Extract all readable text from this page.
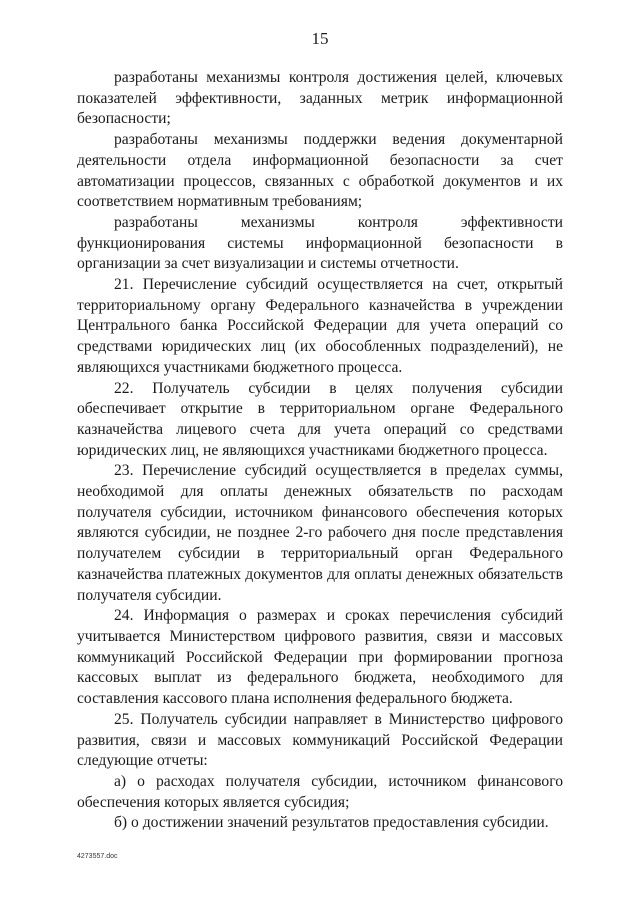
15

разработаны механизмы контроля достижения целей, ключевых показателей эффективности, заданных метрик информационной безопасности;

разработаны механизмы поддержки ведения документарной деятельности отдела информационной безопасности за счет автоматизации процессов, связанных с обработкой документов и их соответствием нормативным требованиям;

разработаны механизмы контроля эффективности функционирования системы информационной безопасности в организации за счет визуализации и системы отчетности.

21. Перечисление субсидий осуществляется на счет, открытый территориальному органу Федерального казначейства в учреждении Центрального банка Российской Федерации для учета операций со средствами юридических лиц (их обособленных подразделений), не являющихся участниками бюджетного процесса.

22. Получатель субсидии в целях получения субсидии обеспечивает открытие в территориальном органе Федерального казначейства лицевого счета для учета операций со средствами юридических лиц, не являющихся участниками бюджетного процесса.

23. Перечисление субсидий осуществляется в пределах суммы, необходимой для оплаты денежных обязательств по расходам получателя субсидии, источником финансового обеспечения которых являются субсидии, не позднее 2-го рабочего дня после представления получателем субсидии в территориальный орган Федерального казначейства платежных документов для оплаты денежных обязательств получателя субсидии.

24. Информация о размерах и сроках перечисления субсидий учитывается Министерством цифрового развития, связи и массовых коммуникаций Российской Федерации при формировании прогноза кассовых выплат из федерального бюджета, необходимого для составления кассового плана исполнения федерального бюджета.

25. Получатель субсидии направляет в Министерство цифрового развития, связи и массовых коммуникаций Российской Федерации следующие отчеты:

а) о расходах получателя субсидии, источником финансового обеспечения которых является субсидия;

б) о достижении значений результатов предоставления субсидии.

4273557.doc
